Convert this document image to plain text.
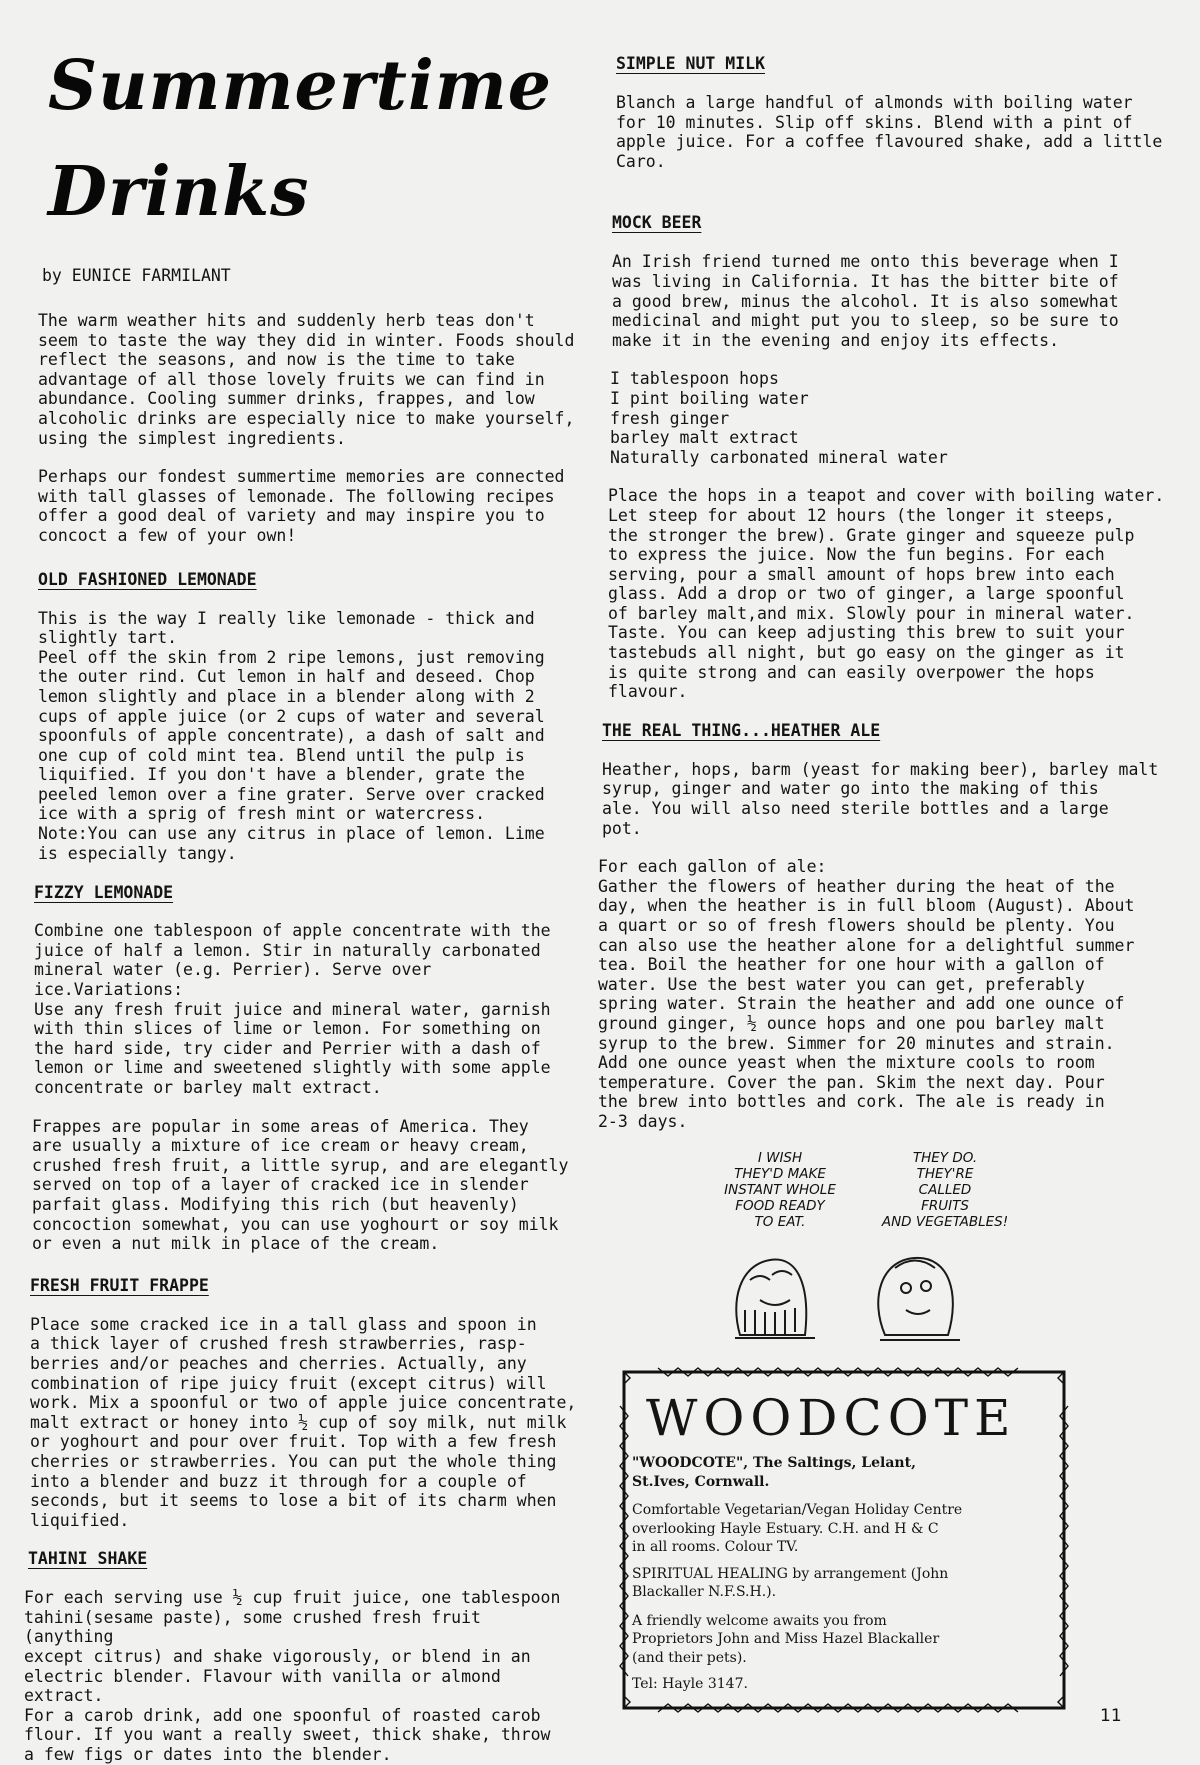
Summertime
Drinks
by EUNICE FARMILANT

The warm weather hits and suddenly herb teas don't
seem to taste the way they did in winter. Foods should
reflect the seasons, and now is the time to take
advantage of all those lovely fruits we can find in
abundance. Cooling summer drinks, frappes, and low
alcoholic drinks are especially nice to make yourself,
using the simplest ingredients.

Perhaps our fondest summertime memories are connected
with tall glasses of lemonade. The following recipes
offer a good deal of variety and may inspire you to
concoct a few of your own!

OLD FASHIONED LEMONADE

This is the way I really like lemonade - thick and
slightly tart.
Peel off the skin from 2 ripe lemons, just removing
the outer rind. Cut lemon in half and deseed. Chop
lemon slightly and place in a blender along with 2
cups of apple juice (or 2 cups of water and several
spoonfuls of apple concentrate), a dash of salt and
one cup of cold mint tea. Blend until the pulp is
liquified. If you don't have a blender, grate the
peeled lemon over a fine grater. Serve over cracked
ice with a sprig of fresh mint or watercress.
Note:You can use any citrus in place of lemon. Lime
is especially tangy.

FIZZY LEMONADE

Combine one tablespoon of apple concentrate with the
juice of half a lemon. Stir in naturally carbonated
mineral water (e.g. Perrier). Serve over ice.Variations:
Use any fresh fruit juice and mineral water, garnish
with thin slices of lime or lemon. For something on
the hard side, try cider and Perrier with a dash of
lemon or lime and sweetened slightly with some apple
concentrate or barley malt extract.

Frappes are popular in some areas of America. They
are usually a mixture of ice cream or heavy cream,
crushed fresh fruit, a little syrup, and are elegantly
served on top of a layer of cracked ice in slender
parfait glass. Modifying this rich (but heavenly)
concoction somewhat, you can use yoghourt or soy milk
or even a nut milk in place of the cream.

FRESH FRUIT FRAPPE

Place some cracked ice in a tall glass and spoon in
a thick layer of crushed fresh strawberries, rasp-
berries and/or peaches and cherries. Actually, any
combination of ripe juicy fruit (except citrus) will
work. Mix a spoonful or two of apple juice concentrate,
malt extract or honey into ½ cup of soy milk, nut milk
or yoghourt and pour over fruit. Top with a few fresh
cherries or strawberries. You can put the whole thing
into a blender and buzz it through for a couple of
seconds, but it seems to lose a bit of its charm when
liquified.

TAHINI SHAKE

For each serving use ½ cup fruit juice, one tablespoon
tahini(sesame paste), some crushed fresh fruit (anything
except citrus) and shake vigorously, or blend in an
electric blender. Flavour with vanilla or almond extract.
For a carob drink, add one spoonful of roasted carob
flour. If you want a really sweet, thick shake, throw
a few figs or dates into the blender.

SIMPLE NUT MILK

Blanch a large handful of almonds with boiling water
for 10 minutes. Slip off skins. Blend with a pint of
apple juice. For a coffee flavoured shake, add a little
Caro.

MOCK BEER

An Irish friend turned me onto this beverage when I
was living in California. It has the bitter bite of
a good brew, minus the alcohol. It is also somewhat
medicinal and might put you to sleep, so be sure to
make it in the evening and enjoy its effects.

I tablespoon hops
I pint boiling water
fresh ginger
barley malt extract
Naturally carbonated mineral water

Place the hops in a teapot and cover with boiling water.
Let steep for about 12 hours (the longer it steeps,
the stronger the brew). Grate ginger and squeeze pulp
to express the juice. Now the fun begins. For each
serving, pour a small amount of hops brew into each
glass. Add a drop or two of ginger, a large spoonful
of barley malt,and mix. Slowly pour in mineral water.
Taste. You can keep adjusting this brew to suit your
tastebuds all night, but go easy on the ginger as it
is quite strong and can easily overpower the hops
flavour.

THE REAL THING...HEATHER ALE

Heather, hops, barm (yeast for making beer), barley malt
syrup, ginger and water go into the making of this
ale. You will also need sterile bottles and a large
pot.

For each gallon of ale:
Gather the flowers of heather during the heat of the
day, when the heather is in full bloom (August). About
a quart or so of fresh flowers should be plenty. You
can also use the heather alone for a delightful summer
tea. Boil the heather for one hour with a gallon of
water. Use the best water you can get, preferably
spring water. Strain the heather and add one ounce of
ground ginger, ½ ounce hops and one pou barley malt
syrup to the brew. Simmer for 20 minutes and strain.
Add one ounce yeast when the mixture cools to room
temperature. Cover the pan. Skim the next day. Pour
the brew into bottles and cork. The ale is ready in
2-3 days.

I WISH
THEY'D MAKE
INSTANT WHOLE
FOOD READY
TO EAT.
THEY DO.
THEY'RE
CALLED
FRUITS
AND VEGETABLES!
WOODCOTE
"WOODCOTE", The Saltings, Lelant,
St.Ives, Cornwall.
Comfortable Vegetarian/Vegan Holiday Centre
overlooking Hayle Estuary. C.H. and H & C
in all rooms. Colour TV.
SPIRITUAL HEALING by arrangement (John
Blackaller N.F.S.H.).
A friendly welcome awaits you from
Proprietors John and Miss Hazel Blackaller
(and their pets).
Tel: Hayle 3147.
11
